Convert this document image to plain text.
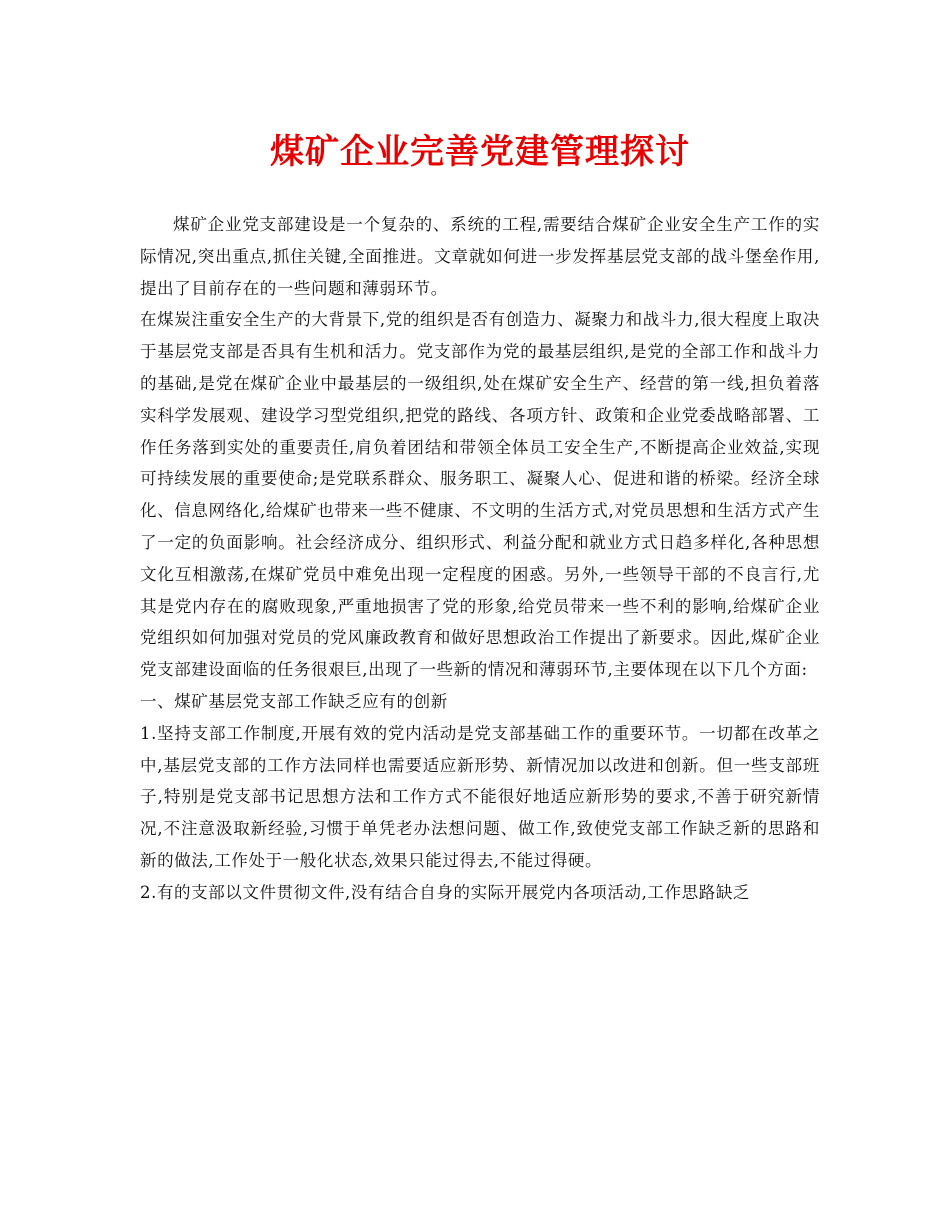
煤矿企业完善党建管理探讨

煤矿企业党支部建设是一个复杂的、系统的工程,需要结合煤矿企业安全生产工作的实际情况,突出重点,抓住关键,全面推进。文章就如何进一步发挥基层党支部的战斗堡垒作用,提出了目前存在的一些问题和薄弱环节。

在煤炭注重安全生产的大背景下,党的组织是否有创造力、凝聚力和战斗力,很大程度上取决于基层党支部是否具有生机和活力。党支部作为党的最基层组织,是党的全部工作和战斗力的基础,是党在煤矿企业中最基层的一级组织,处在煤矿安全生产、经营的第一线,担负着落实科学发展观、建设学习型党组织,把党的路线、各项方针、政策和企业党委战略部署、工作任务落到实处的重要责任,肩负着团结和带领全体员工安全生产,不断提高企业效益,实现可持续发展的重要使命;是党联系群众、服务职工、凝聚人心、促进和谐的桥梁。经济全球化、信息网络化,给煤矿也带来一些不健康、不文明的生活方式,对党员思想和生活方式产生了一定的负面影响。社会经济成分、组织形式、利益分配和就业方式日趋多样化,各种思想文化互相激荡,在煤矿党员中难免出现一定程度的困惑。另外,一些领导干部的不良言行,尤其是党内存在的腐败现象,严重地损害了党的形象,给党员带来一些不利的影响,给煤矿企业党组织如何加强对党员的党风廉政教育和做好思想政治工作提出了新要求。因此,煤矿企业党支部建设面临的任务很艰巨,出现了一些新的情况和薄弱环节,主要体现在以下几个方面:

一、煤矿基层党支部工作缺乏应有的创新

1.坚持支部工作制度,开展有效的党内活动是党支部基础工作的重要环节。一切都在改革之中,基层党支部的工作方法同样也需要适应新形势、新情况加以改进和创新。但一些支部班子,特别是党支部书记思想方法和工作方式不能很好地适应新形势的要求,不善于研究新情况,不注意汲取新经验,习惯于单凭老办法想问题、做工作,致使党支部工作缺乏新的思路和新的做法,工作处于一般化状态,效果只能过得去,不能过得硬。

2.有的支部以文件贯彻文件,没有结合自身的实际开展党内各项活动,工作思路缺乏
